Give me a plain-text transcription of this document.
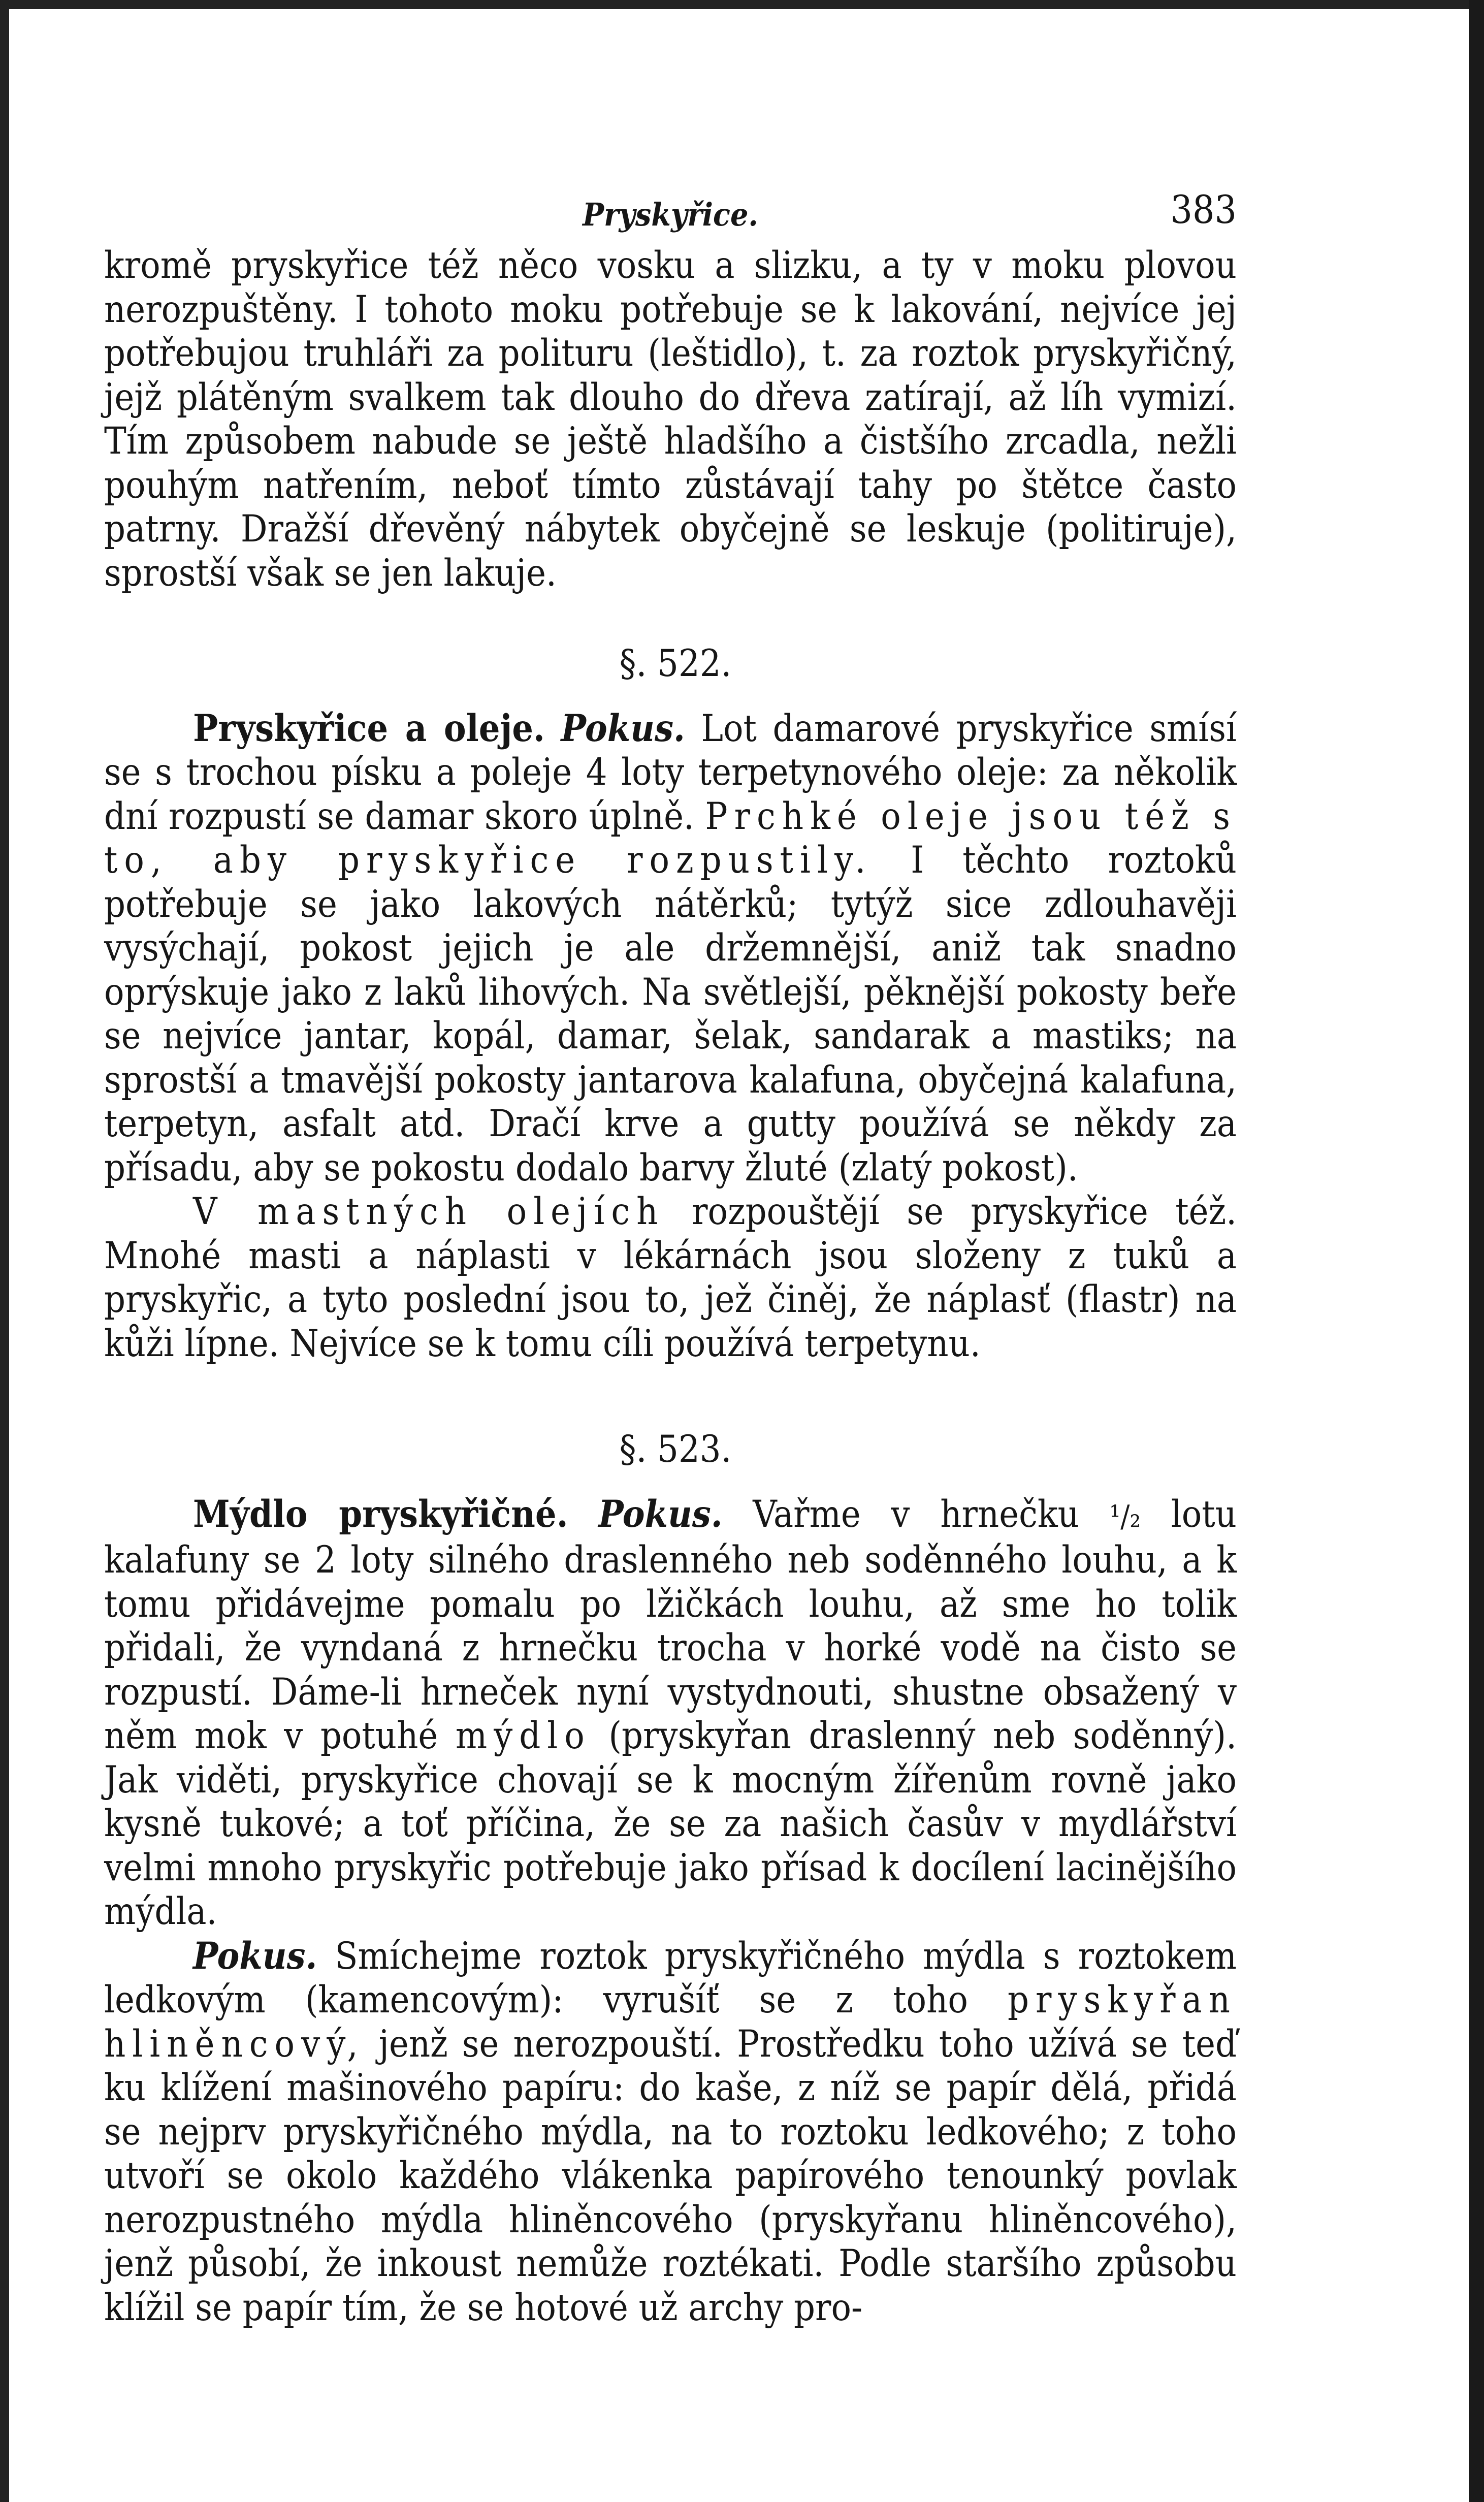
Pryskyřice.	383

kromě pryskyřice též něco vosku a slizku, a ty v moku plovou nerozpuštěny. I tohoto moku potřebuje se k lakování, nejvíce jej potřebujou truhláři za polituru (leštidlo), t. za roztok pryskyřičný, jejž plátěným svalkem tak dlouho do dřeva zatírají, až líh vymizí. Tím způsobem nabude se ještě hladšího a čistšího zrcadla, nežli pouhým natřením, neboť tímto zůstávají tahy po štětce často patrny. Dražší dřevěný nábytek obyčejně se leskuje (politiruje), sprostší však se jen lakuje.

§. 522.

Pryskyřice a oleje. Pokus. Lot damarové pryskyřice smísí se s trochou písku a poleje 4 loty terpetynového oleje: za několik dní rozpustí se damar skoro úplně. Prchké oleje jsou též s to, aby pryskyřice rozpustily. I těchto roztoků potřebuje se jako lakových nátěrků; tytýž sice zdlouhavěji vysýchají, pokost jejich je ale držemnější, aniž tak snadno oprýskuje jako z laků lihových. Na světlejší, pěknější pokosty beře se nejvíce jantar, kopál, damar, šelak, sandarak a mastiks; na sprostší a tmavější pokosty jantarova kalafuna, obyčejná kalafuna, terpetyn, asfalt atd. Dračí krve a gutty používá se někdy za přísadu, aby se pokostu dodalo barvy žluté (zlatý pokost).

V mastných olejích rozpouštějí se pryskyřice též. Mnohé masti a náplasti v lékárnách jsou složeny z tuků a pryskyřic, a tyto poslední jsou to, jež činěj, že náplasť (flastr) na kůži lípne. Nejvíce se k tomu cíli používá terpetynu.

§. 523.

Mýdlo pryskyřičné. Pokus. Vařme v hrnečku ¹/₂ lotu kalafuny se 2 loty silného draslenného neb soděnného louhu, a k tomu přidávejme pomalu po lžičkách louhu, až sme ho tolik přidali, že vyndaná z hrnečku trocha v horké vodě na čisto se rozpustí. Dáme-li hrneček nyní vystydnouti, shustne obsažený v něm mok v potuhé mýdlo (pryskyřan draslenný neb soděnný). Jak viděti, pryskyřice chovají se k mocným žířenům rovně jako kysně tukové; a toť příčina, že se za našich časův v mydlářství velmi mnoho pryskyřic potřebuje jako přísad k docílení lacinějšího mýdla.

Pokus. Smíchejme roztok pryskyřičného mýdla s roztokem ledkovým (kamencovým): vyrušíť se z toho pryskyřan hliněncový, jenž se nerozpouští. Prostředku toho užívá se teď ku klížení mašinového papíru: do kaše, z níž se papír dělá, přidá se nejprv pryskyřičného mýdla, na to roztoku ledkového; z toho utvoří se okolo každého vlákenka papírového tenounký povlak nerozpustného mýdla hliněncového (pryskyřanu hliněncového), jenž působí, že inkoust nemůže roztékati. Podle staršího způsobu klížil se papír tím, že se hotové už archy pro-
